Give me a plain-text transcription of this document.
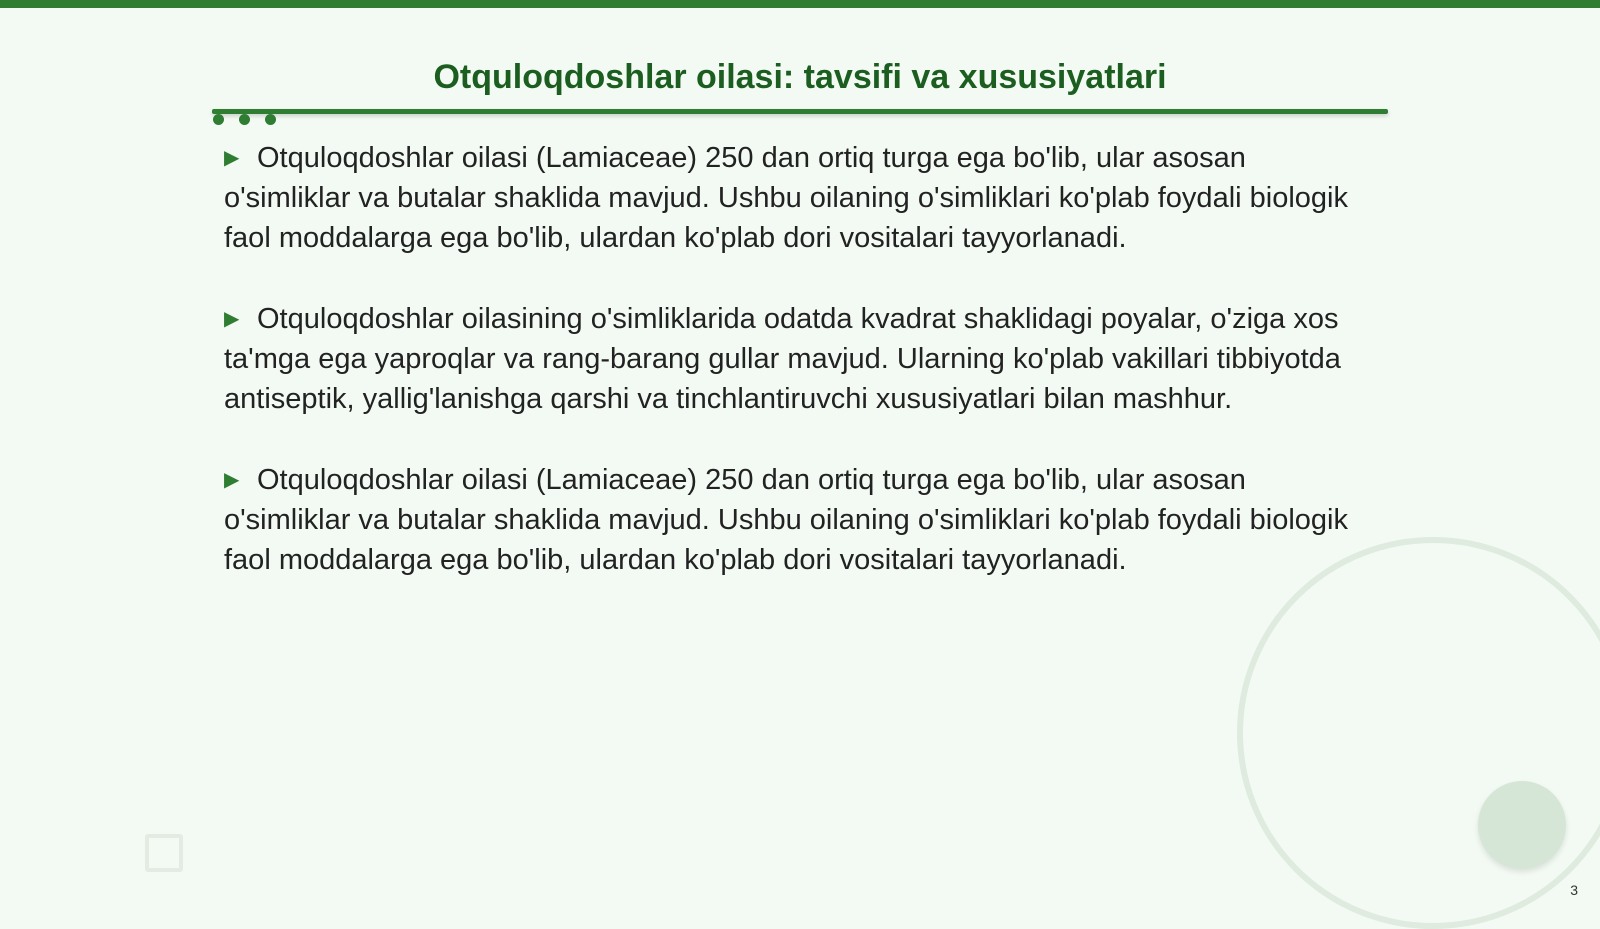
Otquloqdoshlar oilasi: tavsifi va xususiyatlari

▶ Otquloqdoshlar oilasi (Lamiaceae) 250 dan ortiq turga ega bo'lib, ular asosan o'simliklar va butalar shaklida mavjud. Ushbu oilaning o'simliklari ko'plab foydali biologik faol moddalarga ega bo'lib, ulardan ko'plab dori vositalari tayyorlanadi.

▶ Otquloqdoshlar oilasining o'simliklarida odatda kvadrat shaklidagi poyalar, o'ziga xos ta'mga ega yaproqlar va rang-barang gullar mavjud. Ularning ko'plab vakillari tibbiyotda antiseptik, yallig'lanishga qarshi va tinchlantiruvchi xususiyatlari bilan mashhur.

▶ Otquloqdoshlar oilasi (Lamiaceae) 250 dan ortiq turga ega bo'lib, ular asosan o'simliklar va butalar shaklida mavjud. Ushbu oilaning o'simliklari ko'plab foydali biologik faol moddalarga ega bo'lib, ulardan ko'plab dori vositalari tayyorlanadi.

3
